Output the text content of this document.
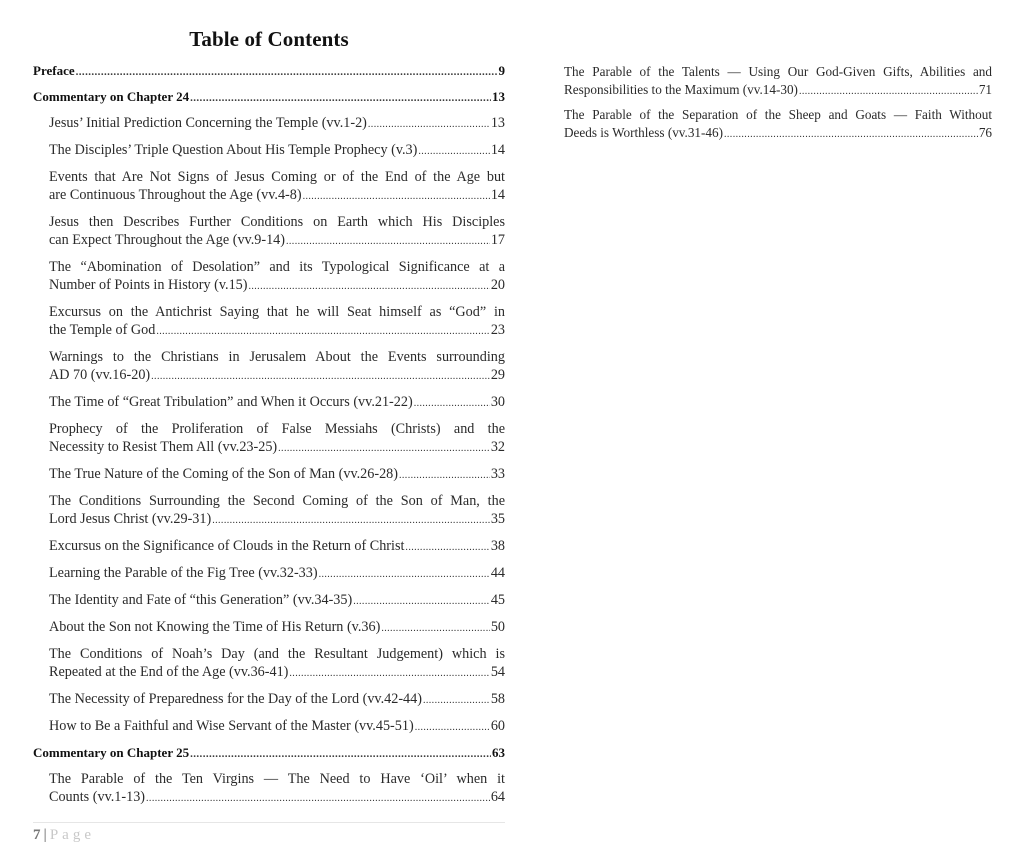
Table of Contents
Preface .....	9
Commentary on Chapter 24 .....	13
Jesus’ Initial Prediction Concerning the Temple (vv.1-2) .....	13
The Disciples’ Triple Question About His Temple Prophecy (v.3) .....	14
Events that Are Not Signs of Jesus Coming or of the End of the Age but
are Continuous Throughout the Age (vv.4-8) .....	14
Jesus then Describes Further Conditions on Earth which His Disciples
can Expect Throughout the Age (vv.9-14) .....	17
The “Abomination of Desolation” and its Typological Significance at a
Number of Points in History (v.15) .....	20
Excursus on the Antichrist Saying that he will Seat himself as “God” in
the Temple of God .....	23
Warnings to the Christians in Jerusalem About the Events surrounding
AD 70 (vv.16-20) .....	29
The Time of “Great Tribulation” and When it Occurs (vv.21-22) .....	30
Prophecy of the Proliferation of False Messiahs (Christs) and the
Necessity to Resist Them All (vv.23-25) .....	32
The True Nature of the Coming of the Son of Man (vv.26-28) .....	33
The Conditions Surrounding the Second Coming of the Son of Man, the
Lord Jesus Christ (vv.29-31) .....	35
Excursus on the Significance of Clouds in the Return of Christ .....	38
Learning the Parable of the Fig Tree (vv.32-33) .....	44
The Identity and Fate of “this Generation” (vv.34-35) .....	45
About the Son not Knowing the Time of His Return (v.36) .....	50
The Conditions of Noah’s Day (and the Resultant Judgement) which is
Repeated at the End of the Age (vv.36-41) .....	54
The Necessity of Preparedness for the Day of the Lord (vv.42-44) .....	58
How to Be a Faithful and Wise Servant of the Master (vv.45-51) .....	60
Commentary on Chapter 25 .....	63
The Parable of the Ten Virgins — The Need to Have ‘Oil’ when it
Counts (vv.1-13) .....	64
The Parable of the Talents — Using Our God-Given Gifts, Abilities and
Responsibilities to the Maximum (vv.14-30) .....	71
The Parable of the Separation of the Sheep and Goats — Faith Without
Deeds is Worthless (vv.31-46) .....	76
7 | Page
